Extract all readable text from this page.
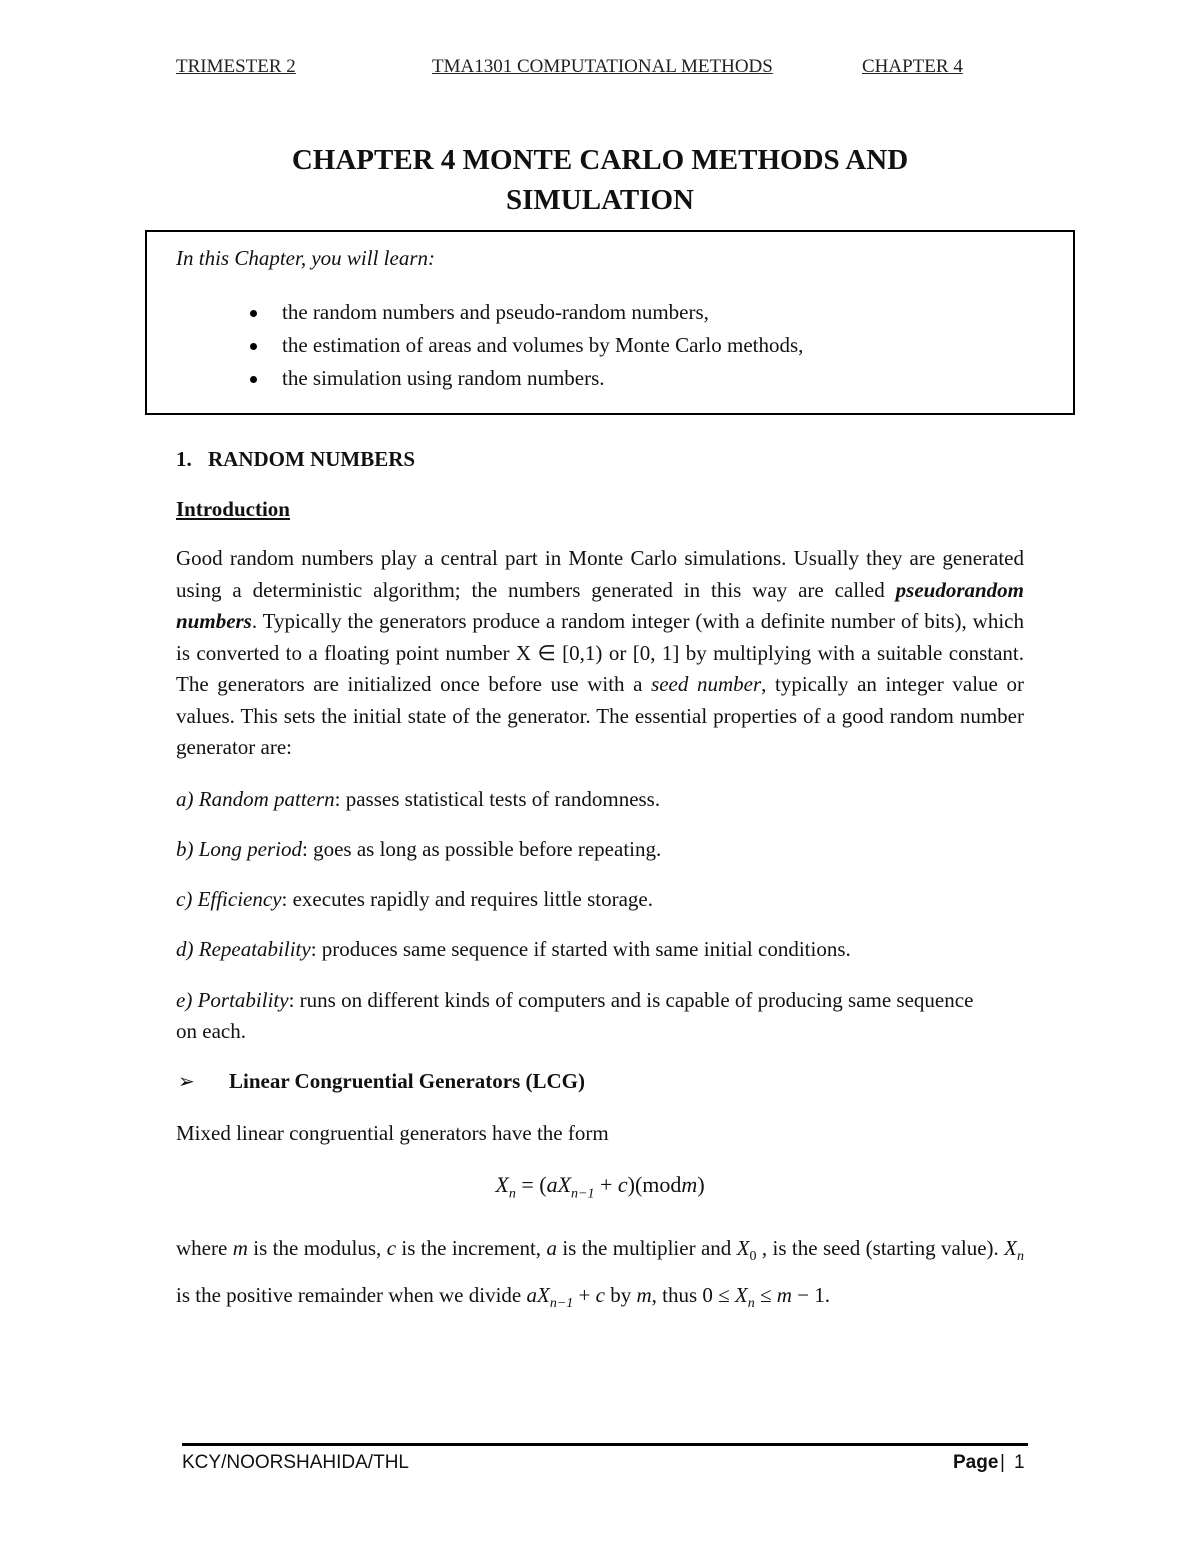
TRIMESTER 2	TMA1301 COMPUTATIONAL METHODS	CHAPTER 4
CHAPTER 4 MONTE CARLO METHODS AND
SIMULATION
In this Chapter, you will learn:
the random numbers and pseudo-random numbers,
the estimation of areas and volumes by Monte Carlo methods,
the simulation using random numbers.
1. RANDOM NUMBERS
Introduction
Good random numbers play a central part in Monte Carlo simulations. Usually they are generated using a deterministic algorithm; the numbers generated in this way are called pseudorandom numbers. Typically the generators produce a random integer (with a definite number of bits), which is converted to a floating point number X ∈ [0,1) or [0, 1] by multiplying with a suitable constant. The generators are initialized once before use with a seed number, typically an integer value or values. This sets the initial state of the generator. The essential properties of a good random number generator are:
a) Random pattern: passes statistical tests of randomness.
b) Long period: goes as long as possible before repeating.
c) Efficiency: executes rapidly and requires little storage.
d) Repeatability: produces same sequence if started with same initial conditions.
e) Portability: runs on different kinds of computers and is capable of producing same sequence on each.
➢ Linear Congruential Generators (LCG)
Mixed linear congruential generators have the form
$X_n = (aX_{n-1}$ + c)(modm)
where m is the modulus, c is the increment, a is the multiplier and $X_0$ , is the seed (starting value). $X_n$ is the positive remainder when we divide $aX_{n-1} + c$ by m, thus $0 \le X_n \le m - 1$.
KCY/NOORSHAHIDA/THL	Page | 1
